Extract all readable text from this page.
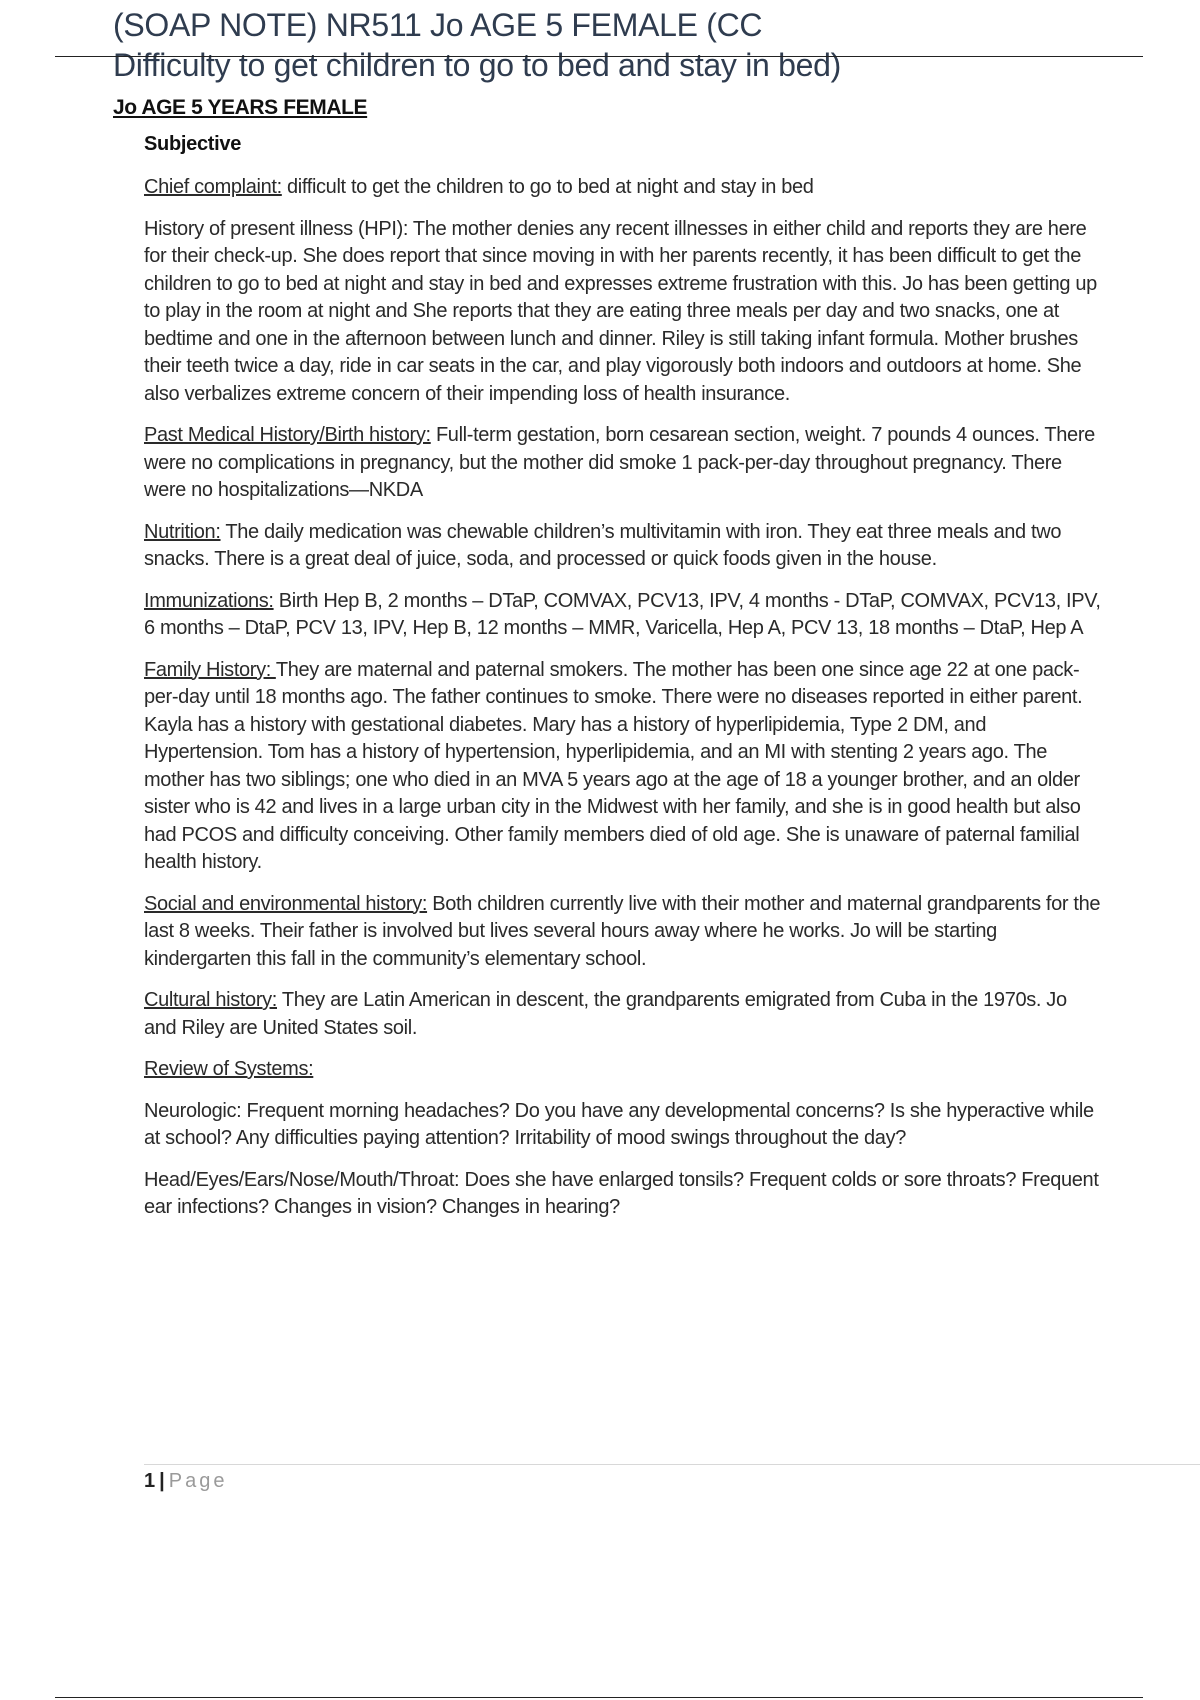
(SOAP NOTE) NR511 Jo AGE 5 FEMALE (CC
Difficulty to get children to go to bed and stay in bed)
Jo AGE 5 YEARS FEMALE
Subjective

Chief complaint: difficult to get the children to go to bed at night and stay in bed

History of present illness (HPI): The mother denies any recent illnesses in either child and reports they are here for their check-up. She does report that since moving in with her parents recently, it has been difficult to get the children to go to bed at night and stay in bed and expresses extreme frustration with this. Jo has been getting up to play in the room at night and She reports that they are eating three meals per day and two snacks, one at bedtime and one in the afternoon between lunch and dinner. Riley is still taking infant formula. Mother brushes their teeth twice a day, ride in car seats in the car, and play vigorously both indoors and outdoors at home. She also verbalizes extreme concern of their impending loss of health insurance.

Past Medical History/Birth history: Full-term gestation, born cesarean section, weight. 7 pounds 4 ounces. There were no complications in pregnancy, but the mother did smoke 1 pack-per-day throughout pregnancy. There were no hospitalizations—NKDA

Nutrition: The daily medication was chewable children’s multivitamin with iron. They eat three meals and two snacks. There is a great deal of juice, soda, and processed or quick foods given in the house.

Immunizations: Birth Hep B, 2 months – DTaP, COMVAX, PCV13, IPV, 4 months - DTaP, COMVAX, PCV13, IPV, 6 months – DtaP, PCV 13, IPV, Hep B, 12 months – MMR, Varicella, Hep A, PCV 13, 18 months – DtaP, Hep A

Family History: They are maternal and paternal smokers. The mother has been one since age 22 at one pack-per-day until 18 months ago. The father continues to smoke. There were no diseases reported in either parent. Kayla has a history with gestational diabetes. Mary has a history of hyperlipidemia, Type 2 DM, and Hypertension. Tom has a history of hypertension, hyperlipidemia, and an MI with stenting 2 years ago. The mother has two siblings; one who died in an MVA 5 years ago at the age of 18 a younger brother, and an older sister who is 42 and lives in a large urban city in the Midwest with her family, and she is in good health but also had PCOS and difficulty conceiving. Other family members died of old age. She is unaware of paternal familial health history.

Social and environmental history: Both children currently live with their mother and maternal grandparents for the last 8 weeks. Their father is involved but lives several hours away where he works. Jo will be starting kindergarten this fall in the community’s elementary school.

Cultural history: They are Latin American in descent, the grandparents emigrated from Cuba in the 1970s. Jo and Riley are United States soil.

Review of Systems:

Neurologic: Frequent morning headaches? Do you have any developmental concerns? Is she hyperactive while at school? Any difficulties paying attention? Irritability of mood swings throughout the day?

Head/Eyes/Ears/Nose/Mouth/Throat: Does she have enlarged tonsils? Frequent colds or sore throats? Frequent ear infections? Changes in vision? Changes in hearing?

1 | Page
